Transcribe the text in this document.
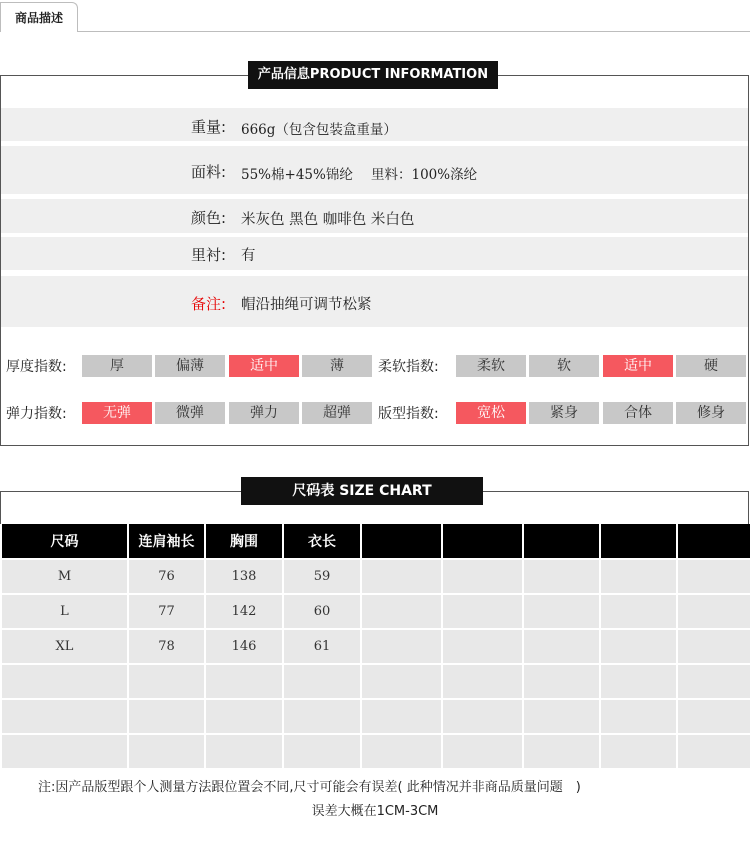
商品描述
产品信息PRODUCT INFORMATION
重量: 666g（包含包装盒重量）
面料: 55%棉+45%锦纶 里料：100%涤纶
颜色: 米灰色 黑色 咖啡色 米白色
里衬: 有
备注: 帽沿抽绳可调节松紧
厚度指数:	厚	偏薄	适中	薄	柔软指数:	柔软	软	适中	硬
弹力指数:	无弹	微弹	弹力	超弹	版型指数:	宽松	紧身	合体	修身
尺码表 SIZE CHART
尺码	连肩袖长	胸围	衣长					
M	76	138	59					
L	77	142	60					
XL	78	146	61					

注:因产品版型跟个人测量方法跟位置会不同,尺寸可能会有误差( 此种情况并非商品质量问题　)
误差大概在1CM-3CM
